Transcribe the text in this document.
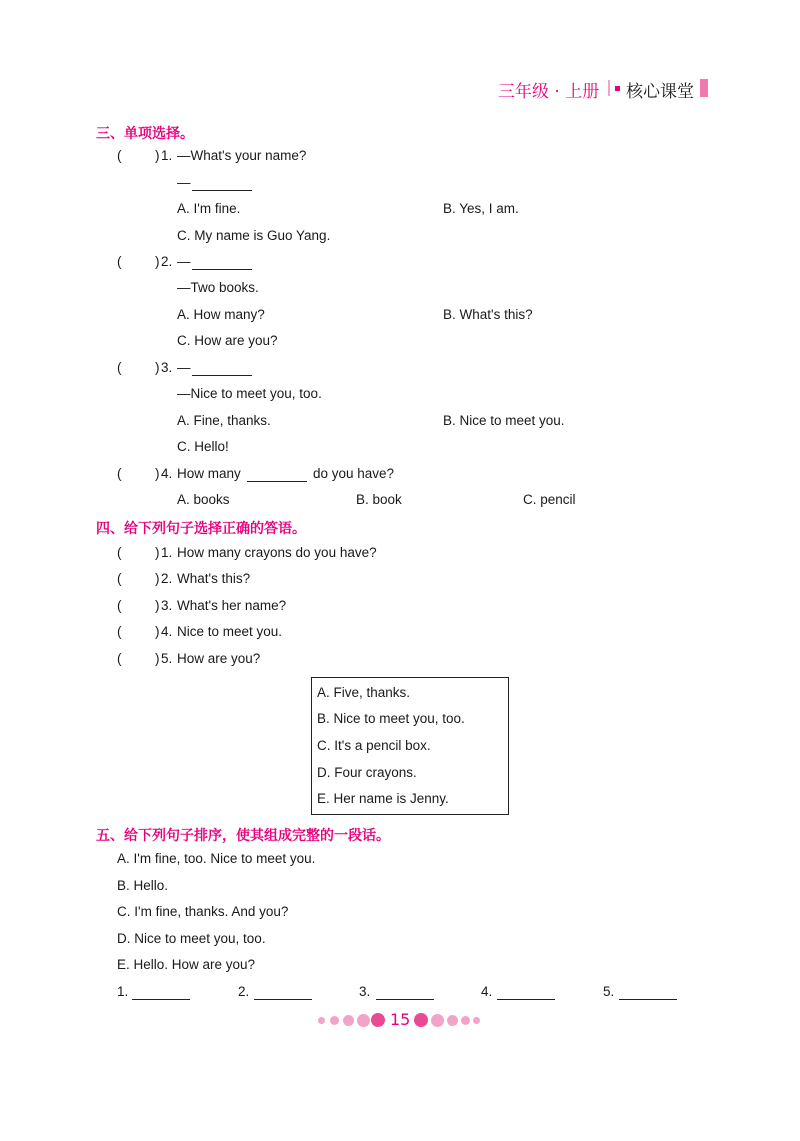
三年级 · 上册 核心课堂
三、单项选择。
( ) 1. —What's your name?
—
A. I'm fine.	B. Yes, I am.
C. My name is Guo Yang.
( ) 2. —
—Two books.
A. How many?	B. What's this?
C. How are you?
( ) 3. —
—Nice to meet you, too.
A. Fine, thanks.	B. Nice to meet you.
C. Hello!
( ) 4. How many	do you have?
A. books	B. book	C. pencil
四、给下列句子选择正确的答语。
( ) 1. How many crayons do you have?
( ) 2. What's this?
( ) 3. What's her name?
( ) 4. Nice to meet you.
( ) 5. How are you?
A. Five, thanks.
B. Nice to meet you, too.
C. It's a pencil box.
D. Four crayons.
E. Her name is Jenny.
五、给下列句子排序，使其组成完整的一段话。
A. I'm fine, too. Nice to meet you.
B. Hello.
C. I'm fine, thanks. And you?
D. Nice to meet you, too.
E. Hello. How are you?
1.	2.	3.	4.	5.
15
